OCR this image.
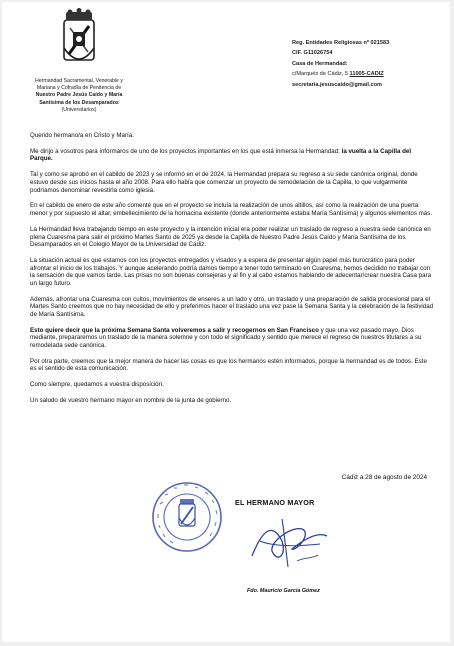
Hermandad Sacramental, Venerable y
Mariana y Cofradía de Penitencia de
Nuestro Padre Jesús Caído y María
Santísima de los Desamparados
(Universitarios)
Reg. Entidades Religiosas nº 021583
CIF. G11026754
Casa de Hermandad:
c/Marqués de Cádiz, 5 11005-CADIZ
secretaria.jesuscaido@gmail.com

Querido hermano/a en Cristo y María.

Me dirijo a vosotros para informaros de uno de los proyectos importantes en los que está inmersa la Hermandad: la vuelta a la Capilla del Parque.

Tal y como se aprobó en el cabildo de 2023 y se informó en el de 2024, la Hermandad prepara su regreso a su sede canónica original, donde estuvo desde sus inicios hasta el año 2008. Para ello había que comenzar un proyecto de remodelación de la Capilla, lo que vulgarmente podríamos denominar revestirla como iglesia.

En el cabildo de enero de este año comenté que en el proyecto se incluía la realización de unos altillos, así como la realización de una puerta menor y por supuesto el altar, embellecimiento de la hornacina existente (donde anteriormente estaba María Santísima) y algunos elementos más.

La Hermandad lleva trabajando tiempo en este proyecto y la intención inicial era poder realizar un traslado de regreso a nuestra sede canónica en plena Cuaresma para salir el próximo Martes Santo de 2025 ya desde la Capilla de Nuestro Padre Jesús Caído y María Santísima de los Desamparados en el Colegio Mayor de la Universidad de Cádiz.

La situación actual es que estamos con los proyectos entregados y visados y a espera de presentar algún papel más burocrático para poder afrontar el inicio de los trabajos. Y aunque acelerando podría damos tiempo a tener todo terminado en Cuaresma, hemos decidido no trabajar con la sensación de que vamos tarde. Las prisas no son buenas consejeras y al fin y al cabo estamos hablando de adecentar/crear nuestra Casa para un largo futuro.

Además, afrontar una Cuaresma con cultos, movimientos de enseres a un lado y otro, un traslado y una preparación de salida procesional para el Martes Santo creemos que no hay necesidad de ello y preferimos hacer el traslado una vez pase la Semana Santa y la celebración de la festividad de María Santísima.

Esto quiere decir que la próxima Semana Santa volveremos a salir y recogernos en San Francisco y que una vez pasado mayo, Dios mediante, prepararemos un traslado de la manera solemne y con todo el significado y sentido que merece el regreso de nuestros titulares a su remodelada sede canónica.

Por otra parte, creemos que la mejor manera de hacer las cosas es que los hermanos estén informados, porque la hermandad es de todos. Este es el sentido de esta comunicación.

Como siempre, quedamos a vuestra disposición.

Un saludo de vuestro hermano mayor en nombre de la junta de gobierno.

Cádiz a 28 de agosto de 2024
EL HERMANO MAYOR
Fdo. Mauricio García Gómez
